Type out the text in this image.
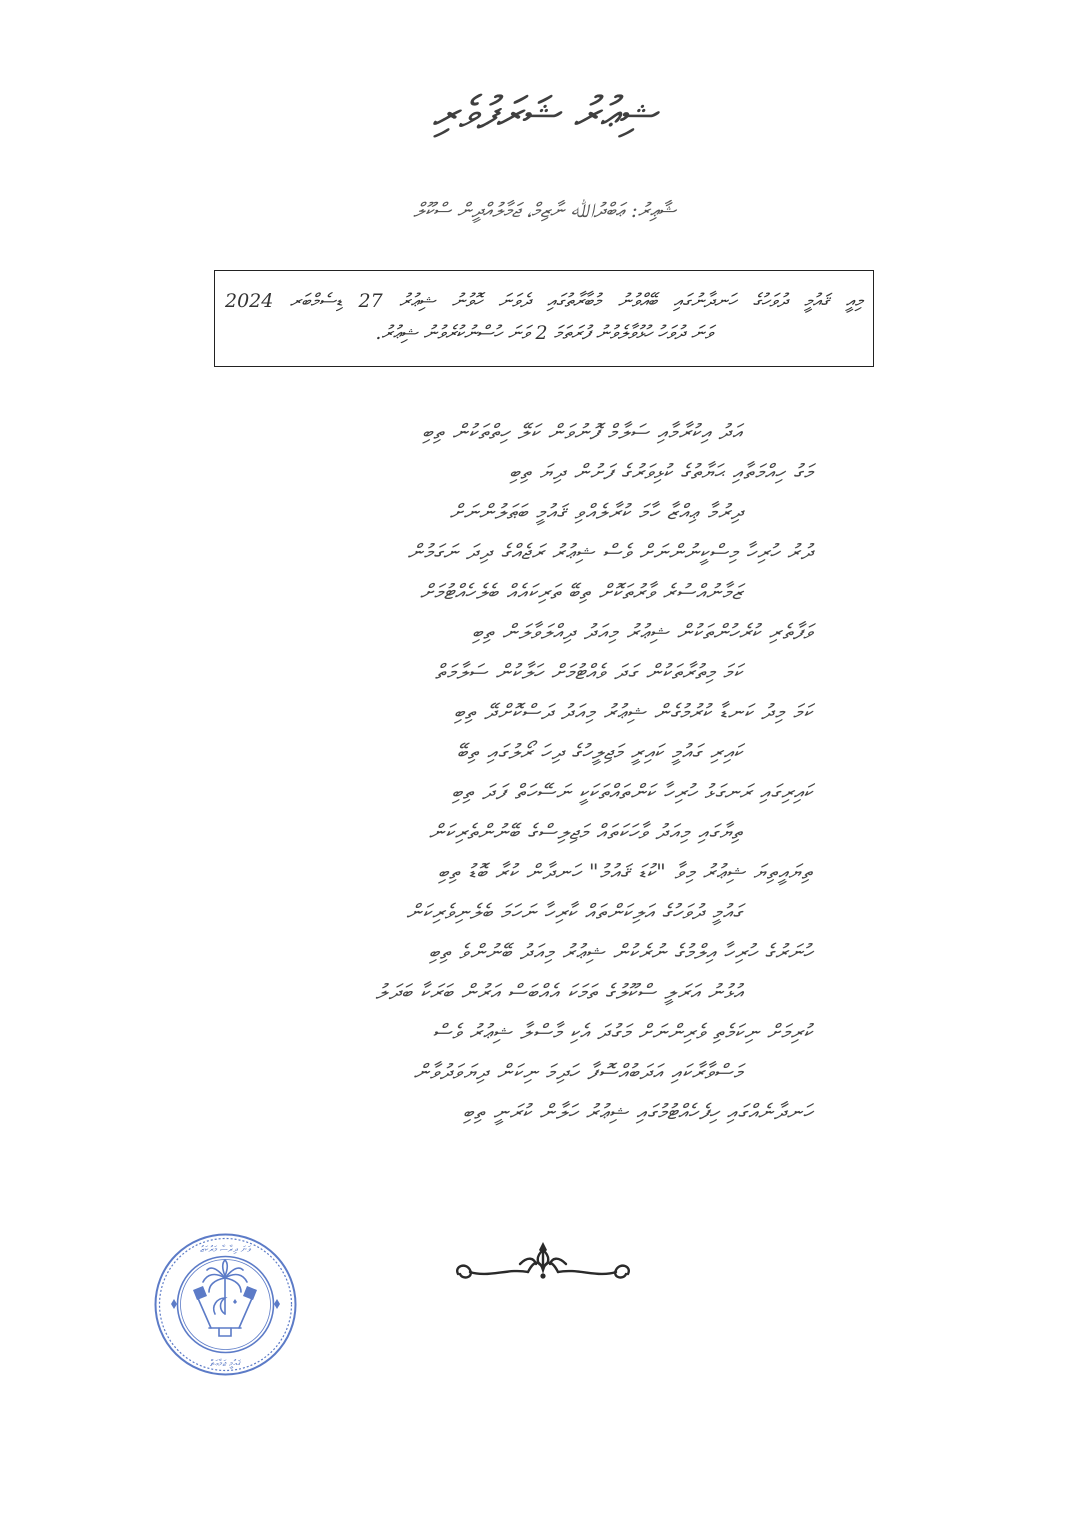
ޝިޢުރު ޝަރަފުވެރި
ޝާޢިރު: ޢަބްދުﷲ ނާޒިމް، ޖަމާލުއްދީން ސްކޫލް
މިއީ ޤައުމީ ދުވަހުގެ ހަނދާނުގައި ބޭއްވުނު މުބާރާތުގައި ދެވަނަ ހޮވުނު ޝިޢުރު 27 ޑިސެމްބަރ 2024
ވަނަ ދުވަހު ހުޅުވާލެވުނު ފުރަތަމަ 2 ވަނަ ހުސްނުކުރެވުނު ޝިޢުރު.
އަދު އިކުރާމާއި ސަލާމް ފޮނުވަން ކަލޭ ހިތްތަކުން ތިބި
މަގު ހިއްމަތާއި ޙަޔާތުގެ ކުޅިވަރުގެ ފަށުން ދިޔަ ތިބި
ދިރުމާ ޢިއްޒާ ހާމަ ކުރާލެއްވި ޤައުމީ ބަޠަލުންނަށް
ދުރު ހުރިހާ މިސްކީނުންނަށް ވެސް ޝިޢުރު ރަޖެއްގެ ދިދަ ނަގަމުން
ޒަމާނުއްސުރެ ވާރުތަކޮށް ތިބޭ ތަރިކައެއް ބެލެހެއްޓުމަށް
ވަފާތެރި ކުރެހުންތަކުން ޝިޢުރު މިއަދު ދިއްލަވާލަން ތިބި
ކަމަ މިތުރާތަކުން ގަދަ ވެއްޓުމަށް ހަލާކުން ސަލާމަތް
ކަމަ މިދު ކަނޑާ ކުރުމުގެން ޝިޢުރު މިއަދު ދަސްކޮށްދޭ ތިބި
ކައިރި ގައުމީ ކައިރީ މަޖިލީހުގެ ދިހަ ރޯލުގައި ތިބޭ
ކައިރިގައި ރަނގަޅު ހުރިހާ ކަންތައްތަކަކީ ނަސޭހަތް ފަދަ ތިބި
ތިޔާގައި މިއަދު ވާހަކަތައް މަޖިލިސްގެ ބޭނުންތެރިކަން
ތިޔައީތިޔަ ޝިޢުރު މިވާ "ކުޑަ ޤައުމު" ހަނދާން ކުރާ ބޮޑު ތިބި
ގައުމީ ދުވަހުގެ އަލިކަންތައް ކާރިހާ ނަހަމަ ބެލެނިވެރިކަން
ހުނަރުގެ ހުރިހާ އިލްމުގެ ނުރެކުން ޝިޢުރު މިއަދު ބޭނުންވެ ތިބި
އުޅުނު އަރަލީ ސްކޫލުގެ ތަމަކަ އެއްބަސް އަރުން ބަރަކާ ބަދަލު
ކުރިމަށް ނިކަމެތި ވެރިންނަށް މަގުދަ އެކި މާސްލާ ޝިޢުރު ވެސް
މަސްވާރާކައި އަދަބުއްސޮފާ ހަދިމަ ނިކަން ދިޔަވަދުވާން
ހަނދާނެއްގައި ހިފެހެއްޓުމުގައި ޝިޢުރު ހަލާން ކުރަނީ ތިބި
ވަނަ ދިރާސާ މަރުކަޒު
ޤައުމީ ޖަމާޢަތް
